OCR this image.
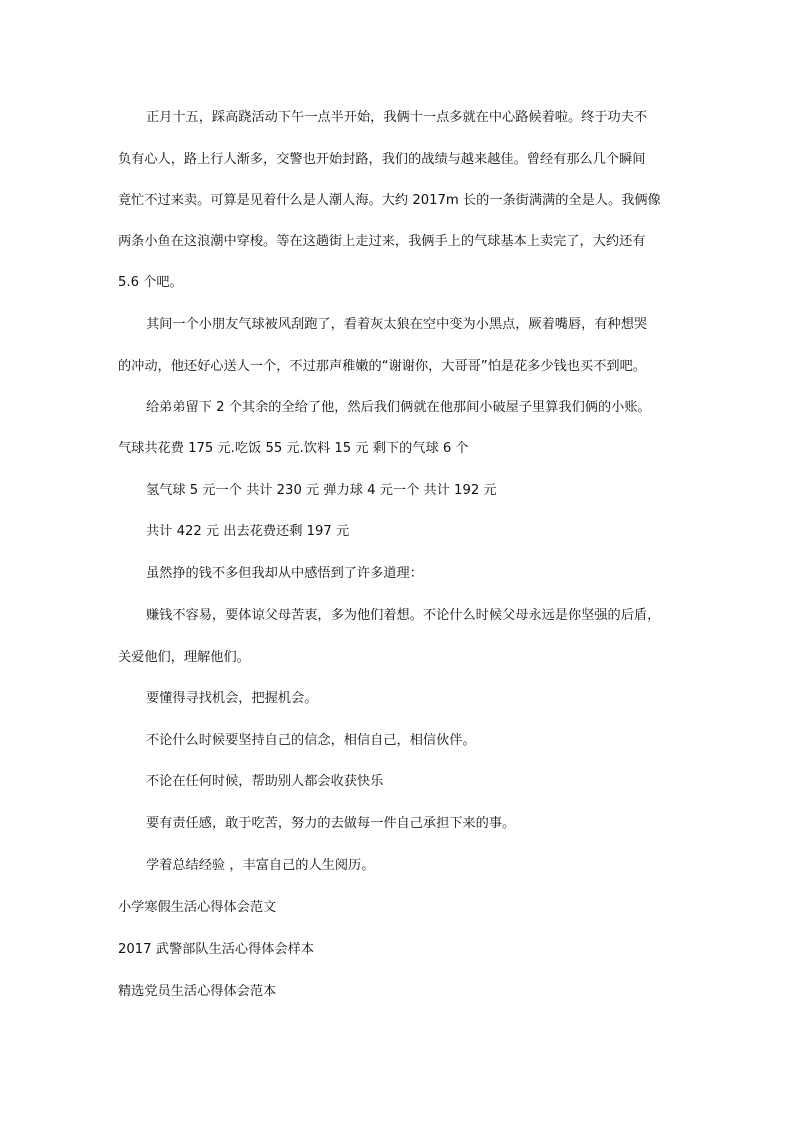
正月十五，踩高跷活动下午一点半开始，我俩十一点多就在中心路候着啦。终于功夫不
负有心人，路上行人渐多，交警也开始封路，我们的战绩与越来越佳。曾经有那么几个瞬间
竟忙不过来卖。可算是见着什么是人潮人海。大约 2017m 长的一条街满满的全是人。我俩像
两条小鱼在这浪潮中穿梭。等在这趟街上走过来，我俩手上的气球基本上卖完了，大约还有
5.6 个吧。
其间一个小朋友气球被风刮跑了，看着灰太狼在空中变为小黑点，厥着嘴唇，有种想哭
的冲动，他还好心送人一个，不过那声稚嫩的“谢谢你，大哥哥”怕是花多少钱也买不到吧。
给弟弟留下 2 个其余的全给了他，然后我们俩就在他那间小破屋子里算我们俩的小账。
气球共花费 175 元.吃饭 55 元.饮料 15 元 剩下的气球 6 个
氢气球 5 元一个 共计 230 元 弹力球 4 元一个 共计 192 元
共计 422 元 出去花费还剩 197 元
虽然挣的钱不多但我却从中感悟到了许多道理：
赚钱不容易，要体谅父母苦衷，多为他们着想。不论什么时候父母永远是你坚强的后盾，
关爱他们，理解他们。
要懂得寻找机会，把握机会。
不论什么时候要坚持自己的信念，相信自己，相信伙伴。
不论在任何时候，帮助别人都会收获快乐
要有责任感，敢于吃苦，努力的去做每一件自己承担下来的事。
学着总结经验 ，丰富自己的人生阅历。
小学寒假生活心得体会范文
2017 武警部队生活心得体会样本
精选党员生活心得体会范本
